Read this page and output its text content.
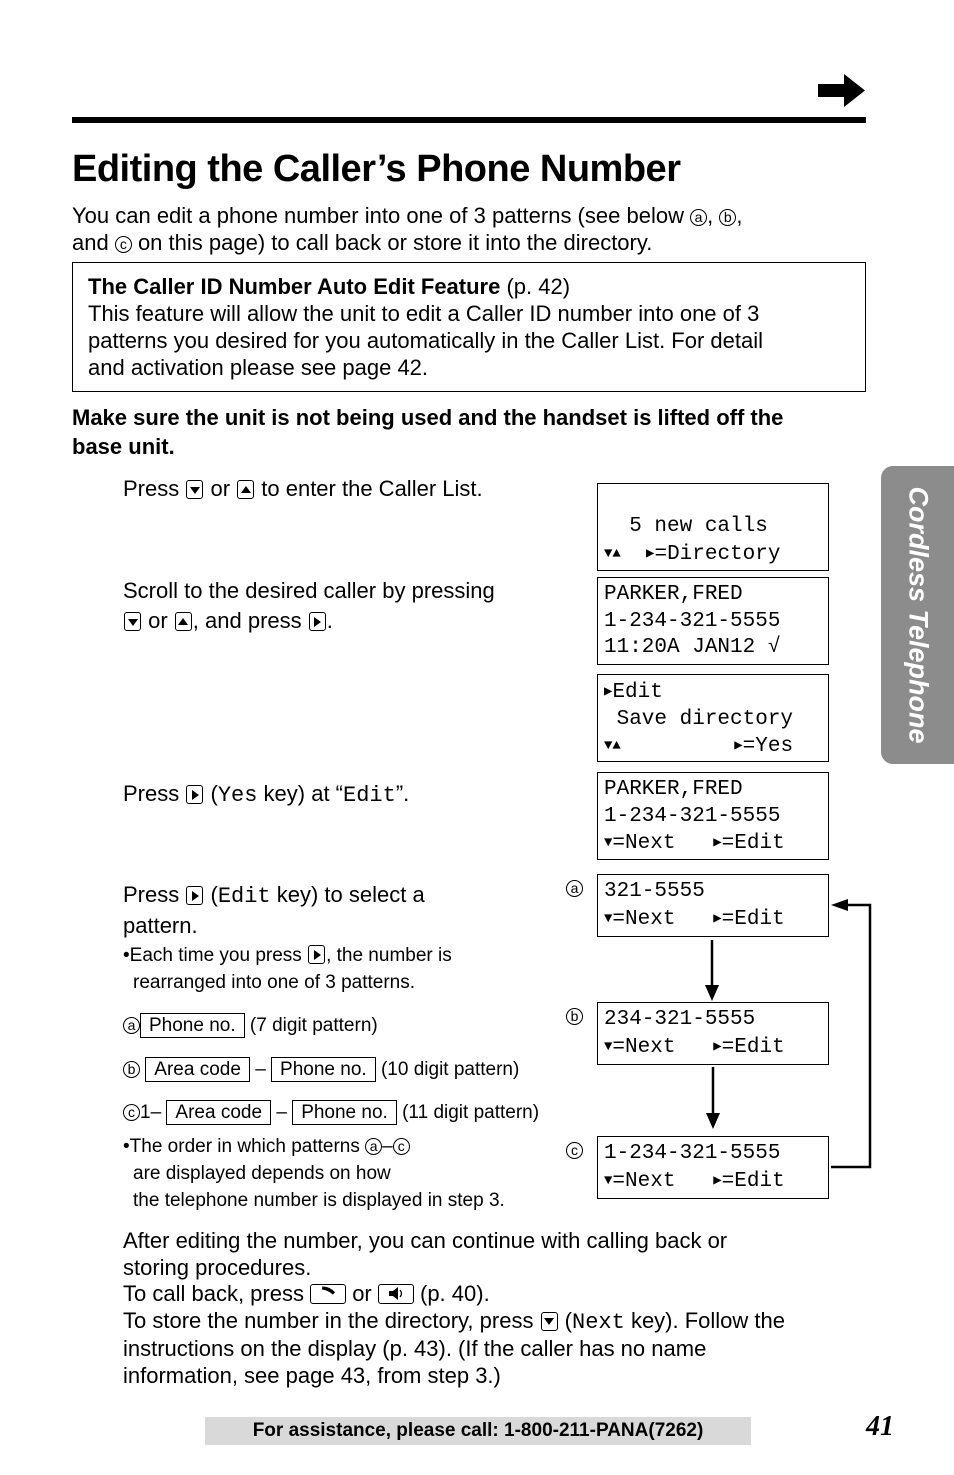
Editing the Caller’s Phone Number
You can edit a phone number into one of 3 patterns (see below a , b ,
and c on this page) to call back or store it into the directory.
The Caller ID Number Auto Edit Feature (p. 42)
This feature will allow the unit to edit a Caller ID number into one of 3
patterns you desired for you automatically in the Caller List. For detail
and activation please see page 42.
Make sure the unit is not being used and the handset is lifted off the
base unit.
Press
or
to enter the Caller List.
Scroll to the desired caller by pressing
or
, and press
.
Press
(Yes key) at “Edit”.
Press
(Edit key) to select a
pattern.
•Each time you press
, the number is
rearranged into one of 3 patterns.
a Phone no. (7 digit pattern)
b Area code – Phone no. (10 digit pattern)
c 1– Area code – Phone no. (11 digit pattern)
•The order in which patterns a – c
are displayed depends on how
the telephone number is displayed in step 3.
5 new calls
▼▲ ▶=Directory
PARKER,FRED
1-234-321-5555
11:20A JAN12 √
▶Edit
Save directory
▼▲	▶=Yes
PARKER,FRED
1-234-321-5555
▼=Next	▶=Edit
a 321-5555
▼=Next	▶=Edit
b 234-321-5555
▼=Next	▶=Edit
c 1-234-321-5555
▼=Next	▶=Edit
After editing the number, you can continue with calling back or
storing procedures.
To call back, press
or
(p. 40).
To store the number in the directory, press
(Next key). Follow the
instructions on the display (p. 43). (If the caller has no name
information, see page 43, from step 3.)
Cordless Telephone
For assistance, please call: 1-800-211-PANA(7262)	41
